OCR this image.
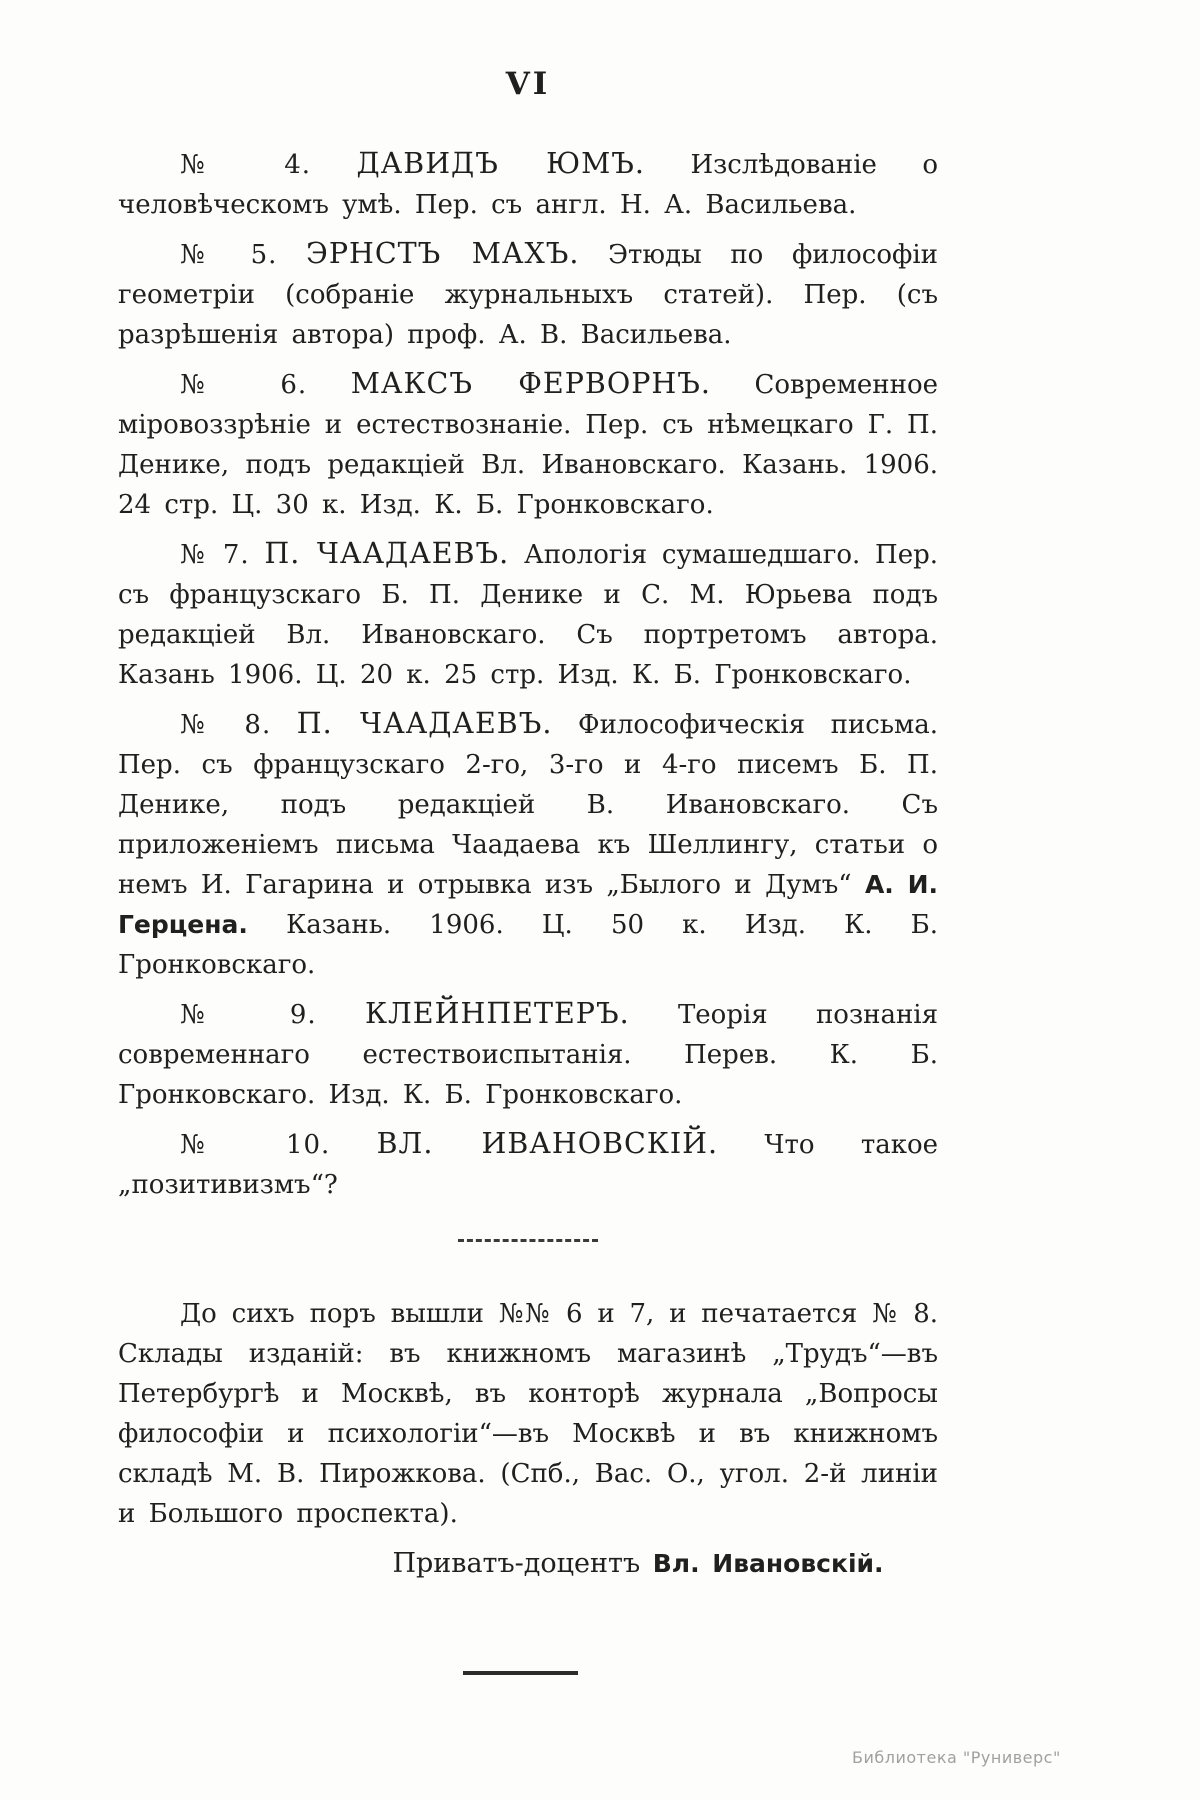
VI

№ 4. ДАВИДЪ ЮМЪ. Изслѣдованіе о человѣческомъ умѣ. Пер. съ англ. Н. А. Васильева.

№ 5. ЭРНСТЪ МАХЪ. Этюды по философіи геометріи (собраніе журнальныхъ статей). Пер. (съ разрѣшенія автора) проф. А. В. Васильева.

№ 6. МАКСЪ ФЕРВОРНЪ. Современное міровоззрѣніе и естествознаніе. Пер. съ нѣмецкаго Г. П. Денике, подъ редакціей Вл. Ивановскаго. Казань. 1906. 24 стр. Ц. 30 к. Изд. К. Б. Гронковскаго.

№ 7. П. ЧААДАЕВЪ. Апологія сумашедшаго. Пер. съ французскаго Б. П. Денике и С. М. Юрьева подъ редакціей Вл. Ивановскаго. Съ портретомъ автора. Казань 1906. Ц. 20 к. 25 стр. Изд. К. Б. Гронковскаго.

№ 8. П. ЧААДАЕВЪ. Философическія письма. Пер. съ французскаго 2-го, 3-го и 4-го писемъ Б. П. Денике, подъ редакціей В. Ивановскаго. Съ приложеніемъ письма Чаадаева къ Шеллингу, статьи о немъ И. Гагарина и отрывка изъ „Былого и Думъ“ А. И. Герцена. Казань. 1906. Ц. 50 к. Изд. К. Б. Гронковскаго.

№ 9. КЛЕЙНПЕТЕРЪ. Теорія познанія современнаго естествоиспытанія. Перев. К. Б. Гронковскаго. Изд. К. Б. Гронковскаго.

№ 10. ВЛ. ИВАНОВСКІЙ. Что такое „позитивизмъ“?

До сихъ поръ вышли №№ 6 и 7, и печатается № 8. Склады изданій: въ книжномъ магазинѣ „Трудъ“—въ Петербургѣ и Москвѣ, въ конторѣ журнала „Вопросы философіи и психологіи“—въ Москвѣ и въ книжномъ складѣ М. В. Пирожкова. (Спб., Вас. О., угол. 2-й линіи и Большого проспекта).

Приватъ-доцентъ Вл. Ивановскій.
Библиотека "Руниверс"
